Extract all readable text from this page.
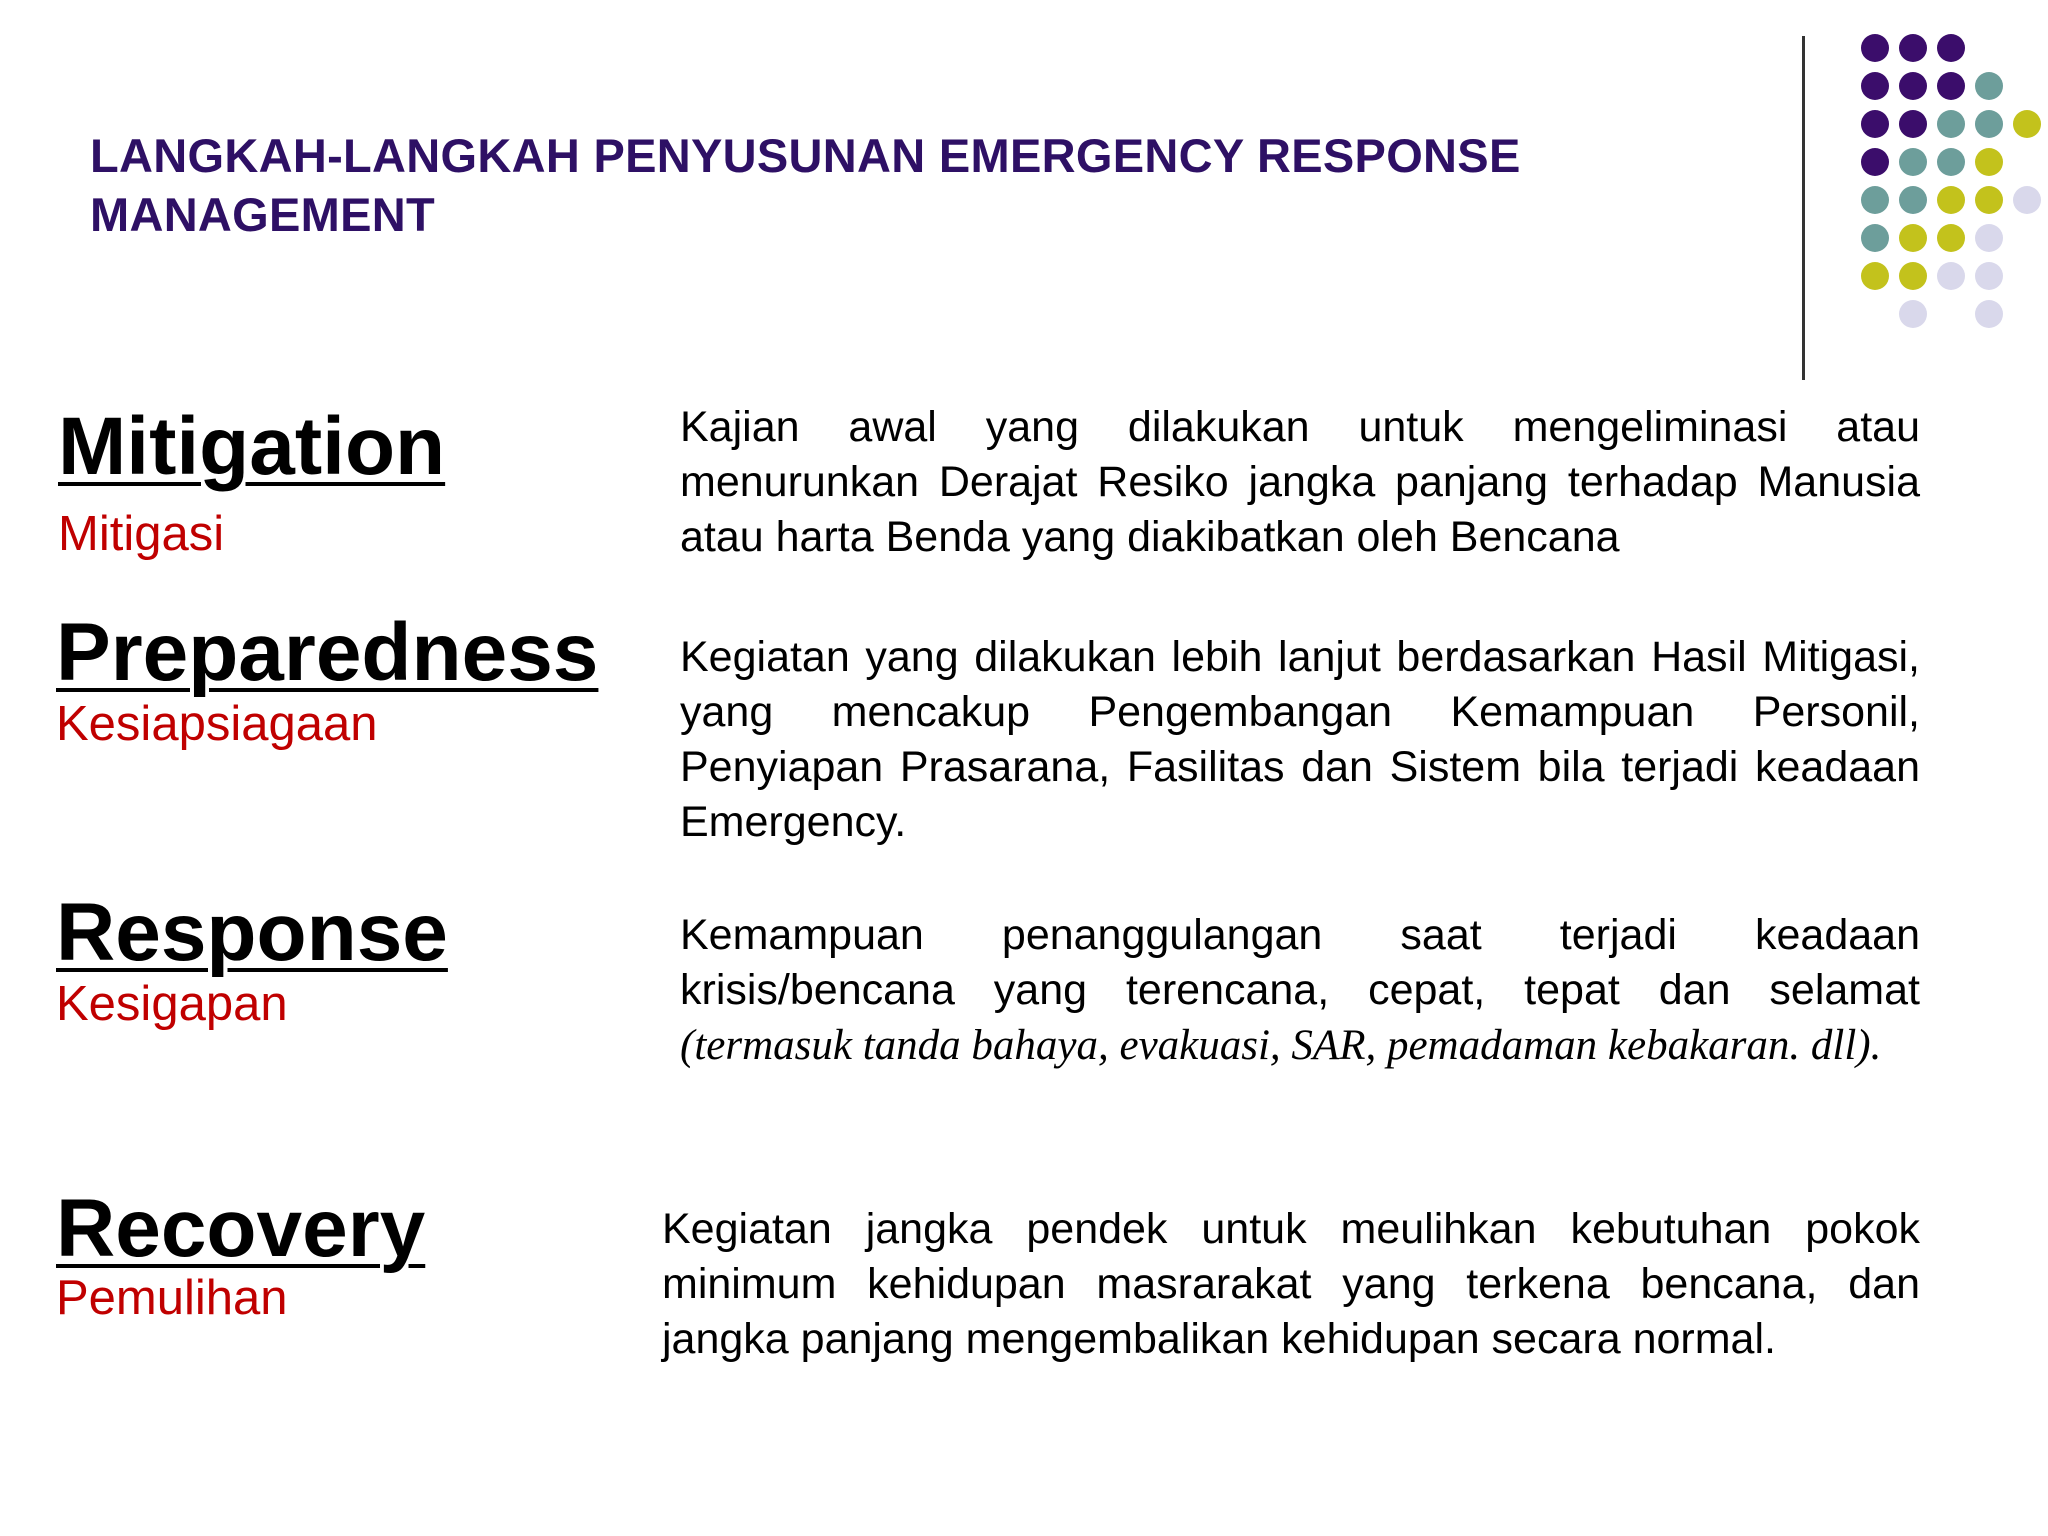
LANGKAH-LANGKAH PENYUSUNAN EMERGENCY RESPONSE
MANAGEMENT
Mitigation
Mitigasi
Kajian awal yang dilakukan untuk mengeliminasi atau menurunkan Derajat Resiko jangka panjang terhadap Manusia atau harta Benda yang diakibatkan oleh Bencana
Preparedness
Kesiapsiagaan
Kegiatan yang dilakukan lebih lanjut berdasarkan Hasil Mitigasi, yang mencakup Pengembangan Kemampuan Personil, Penyiapan Prasarana, Fasilitas dan Sistem bila terjadi keadaan Emergency.
Response
Kesigapan
Kemampuan penanggulangan saat terjadi keadaan krisis/bencana yang terencana, cepat, tepat dan selamat (termasuk tanda bahaya, evakuasi, SAR, pemadaman kebakaran. dll).
Recovery
Pemulihan
Kegiatan jangka pendek untuk meulihkan kebutuhan pokok minimum kehidupan masrarakat yang terkena bencana, dan jangka panjang mengembalikan kehidupan secara normal.
